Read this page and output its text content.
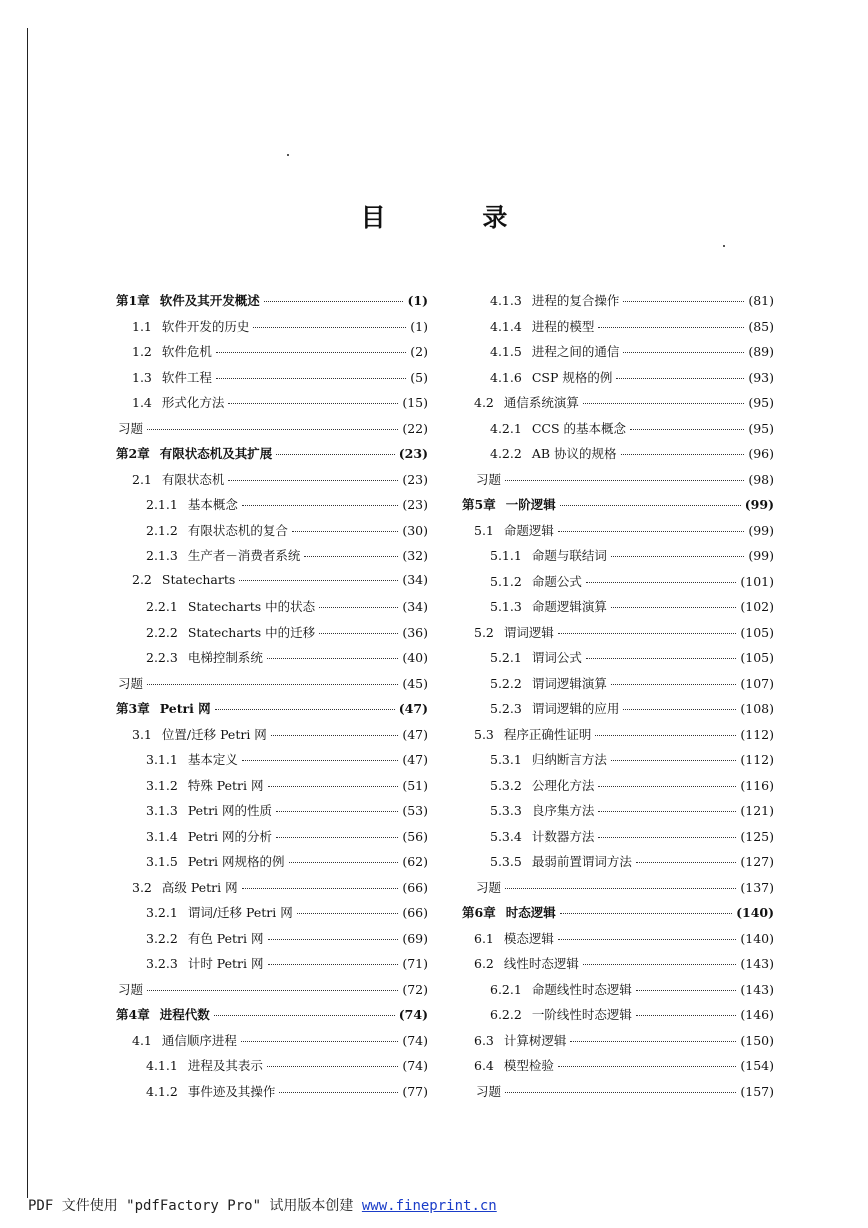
目 录
第1章 软件及其开发概述	(1)
1.1 软件开发的历史	(1)
1.2 软件危机	(2)
1.3 软件工程	(5)
1.4 形式化方法	(15)
习题	(22)
第2章 有限状态机及其扩展	(23)
2.1 有限状态机	(23)
2.1.1 基本概念	(23)
2.1.2 有限状态机的复合	(30)
2.1.3 生产者－消费者系统	(32)
2.2 Statecharts	(34)
2.2.1 Statecharts 中的状态	(34)
2.2.2 Statecharts 中的迁移	(36)
2.2.3 电梯控制系统	(40)
习题	(45)
第3章 Petri 网	(47)
3.1 位置/迁移 Petri 网	(47)
3.1.1 基本定义	(47)
3.1.2 特殊 Petri 网	(51)
3.1.3 Petri 网的性质	(53)
3.1.4 Petri 网的分析	(56)
3.1.5 Petri 网规格的例	(62)
3.2 高级 Petri 网	(66)
3.2.1 谓词/迁移 Petri 网	(66)
3.2.2 有色 Petri 网	(69)
3.2.3 计时 Petri 网	(71)
习题	(72)
第4章 进程代数	(74)
4.1 通信顺序进程	(74)
4.1.1 进程及其表示	(74)
4.1.2 事件迹及其操作	(77)
4.1.3 进程的复合操作	(81)
4.1.4 进程的模型	(85)
4.1.5 进程之间的通信	(89)
4.1.6 CSP 规格的例	(93)
4.2 通信系统演算	(95)
4.2.1 CCS 的基本概念	(95)
4.2.2 AB 协议的规格	(96)
习题	(98)
第5章 一阶逻辑	(99)
5.1 命题逻辑	(99)
5.1.1 命题与联结词	(99)
5.1.2 命题公式	(101)
5.1.3 命题逻辑演算	(102)
5.2 谓词逻辑	(105)
5.2.1 谓词公式	(105)
5.2.2 谓词逻辑演算	(107)
5.2.3 谓词逻辑的应用	(108)
5.3 程序正确性证明	(112)
5.3.1 归纳断言方法	(112)
5.3.2 公理化方法	(116)
5.3.3 良序集方法	(121)
5.3.4 计数器方法	(125)
5.3.5 最弱前置谓词方法	(127)
习题	(137)
第6章 时态逻辑	(140)
6.1 模态逻辑	(140)
6.2 线性时态逻辑	(143)
6.2.1 命题线性时态逻辑	(143)
6.2.2 一阶线性时态逻辑	(146)
6.3 计算树逻辑	(150)
6.4 模型检验	(154)
习题	(157)
PDF 文件使用 "pdfFactory Pro" 试用版本创建 www.fineprint.cn
